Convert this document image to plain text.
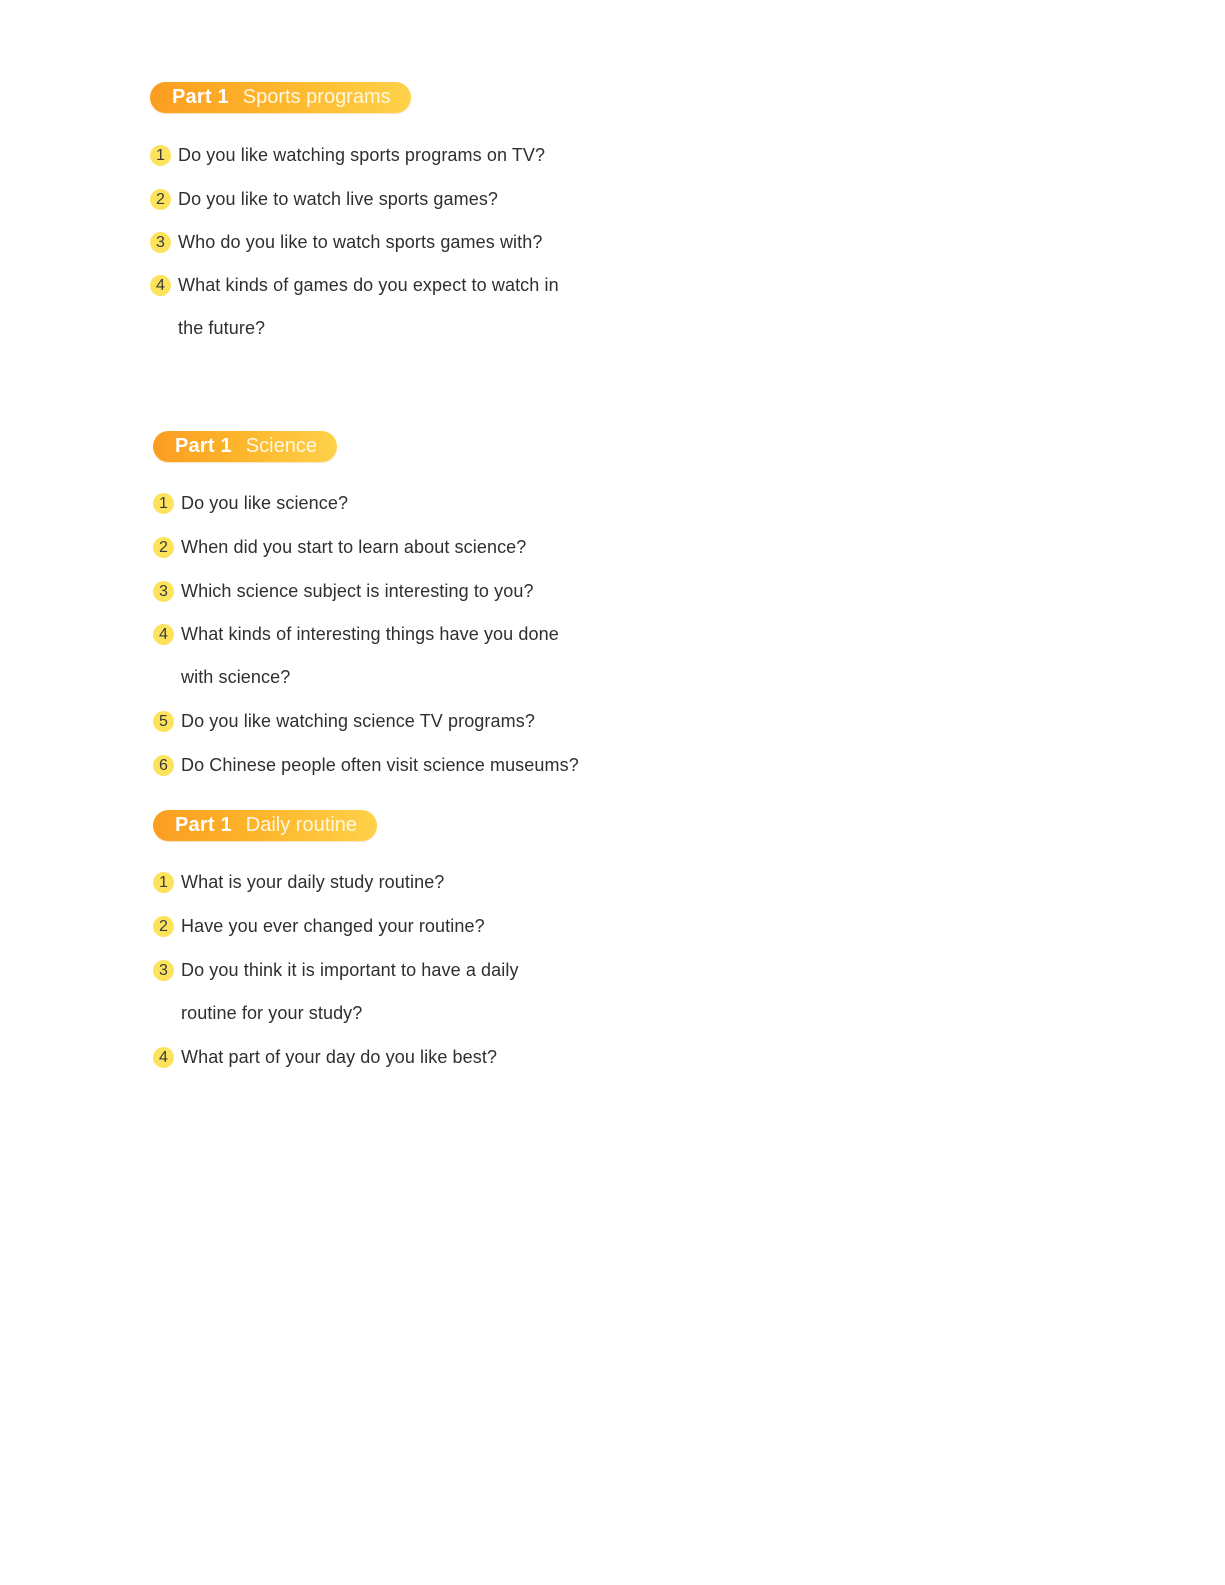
Part 1 Sports programs
1 Do you like watching sports programs on TV?
2 Do you like to watch live sports games?
3 Who do you like to watch sports games with?
4 What kinds of games do you expect to watch in
the future?
Part 1 Science
1 Do you like science?
2 When did you start to learn about science?
3 Which science subject is interesting to you?
4 What kinds of interesting things have you done
with science?
5 Do you like watching science TV programs?
6 Do Chinese people often visit science museums?
Part 1 Daily routine
1 What is your daily study routine?
2 Have you ever changed your routine?
3 Do you think it is important to have a daily
routine for your study?
4 What part of your day do you like best?
